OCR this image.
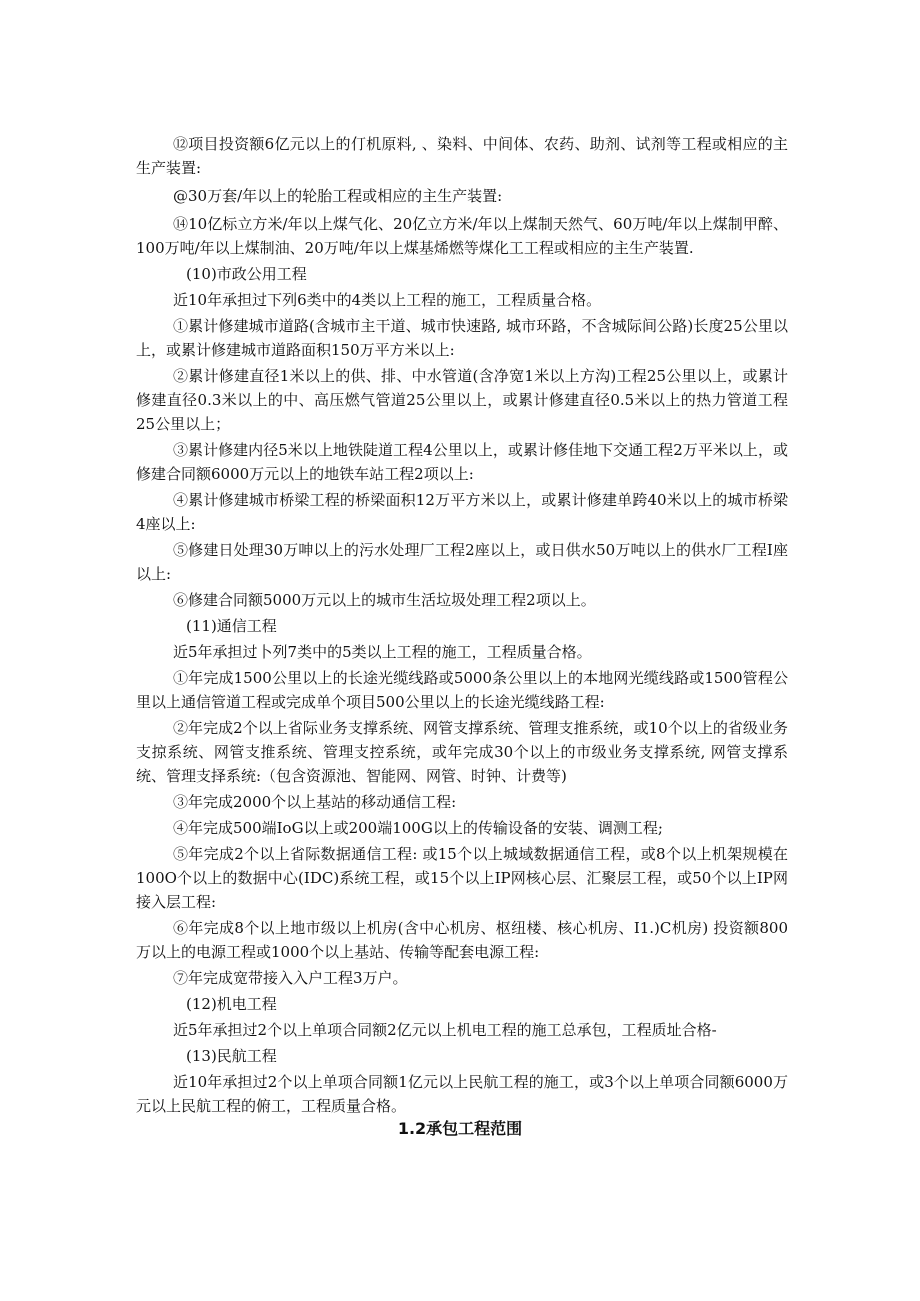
⑫项目投资额6亿元以上的仃机原料, 、染料、中间体、农药、助剂、试剂等工程或相应的主生产装置:

@30万套/年以上的轮胎工程或相应的主生产装置:

⑭10亿标立方米/年以上煤气化、20亿立方米/年以上煤制天然气、60万吨/年以上煤制甲醉、100万吨/年以上煤制油、20万吨/年以上煤基烯燃等煤化工工程或相应的主生产装置.

(10)市政公用工程

近10年承担过下列6类中的4类以上工程的施工，工程质量合格。

①累计修建城市道路(含城市主干道、城市快速路, 城市环路，不含城际间公路)长度25公里以上，或累计修建城市道路面积150万平方米以上:

②累计修建直径1米以上的供、排、中水管道(含净宽1米以上方沟)工程25公里以上，或累计修建直径0.3米以上的中、高压燃气管道25公里以上，或累计修建直径0.5米以上的热力管道工程25公里以上；

③累计修建内径5米以上地铁陡道工程4公里以上，或累计修佳地下交通工程2万平米以上，或修建合同额6000万元以上的地铁车站工程2项以上:

④累计修建城市桥梁工程的桥梁面积12万平方米以上，或累计修建单跨40米以上的城市桥梁4座以上:

⑤修建日处理30万呻以上的污水处理厂工程2座以上，或日供水50万吨以上的供水厂工程I座以上:

⑥修建合同额5000万元以上的城市生活垃圾处理工程2项以上。

(11)通信工程

近5年承担过卜列7类中的5类以上工程的施工，工程质量合格。

①年完成1500公里以上的长途光缆线路或5000条公里以上的本地网光缆线路或1500管程公里以上通信管道工程或完成单个项目500公里以上的长途光缆线路工程:

②年完成2个以上省际业务支撑系统、网管支撑系统、管理支推系统，或10个以上的省级业务支掠系统、网管支推系统、管理支控系统，或年完成30个以上的市级业务支撑系统, 网管支撑系统、管理支择系统:（包含资源池、智能网、网管、时钟、计费等)

③年完成2000个以上基站的移动通信工程:

④年完成500端IoG以上或200端100G以上的传输设备的安装、调测工程;

⑤年完成2个以上省际数据通信工程: 或15个以上城域数据通信工程，或8个以上机架规模在100O个以上的数据中心(IDC)系统工程，或15个以上IP网核心层、汇聚层工程，或50个以上IP网接入层工程:

⑥年完成8个以上地市级以上机房(含中心机房、枢纽楼、核心机房、I1.)C机房) 投资额800万以上的电源工程或1000个以上基站、传输等配套电源工程:

⑦年完成宽带接入入户工程3万户。

(12)机电工程

近5年承担过2个以上单项合同额2亿元以上机电工程的施工总承包，工程质址合格-

(13)民航工程

近10年承担过2个以上单项合同额1亿元以上民航工程的施工，或3个以上单项合同额6000万元以上民航工程的俯工，工程质量合格。

1.2承包工程范围
